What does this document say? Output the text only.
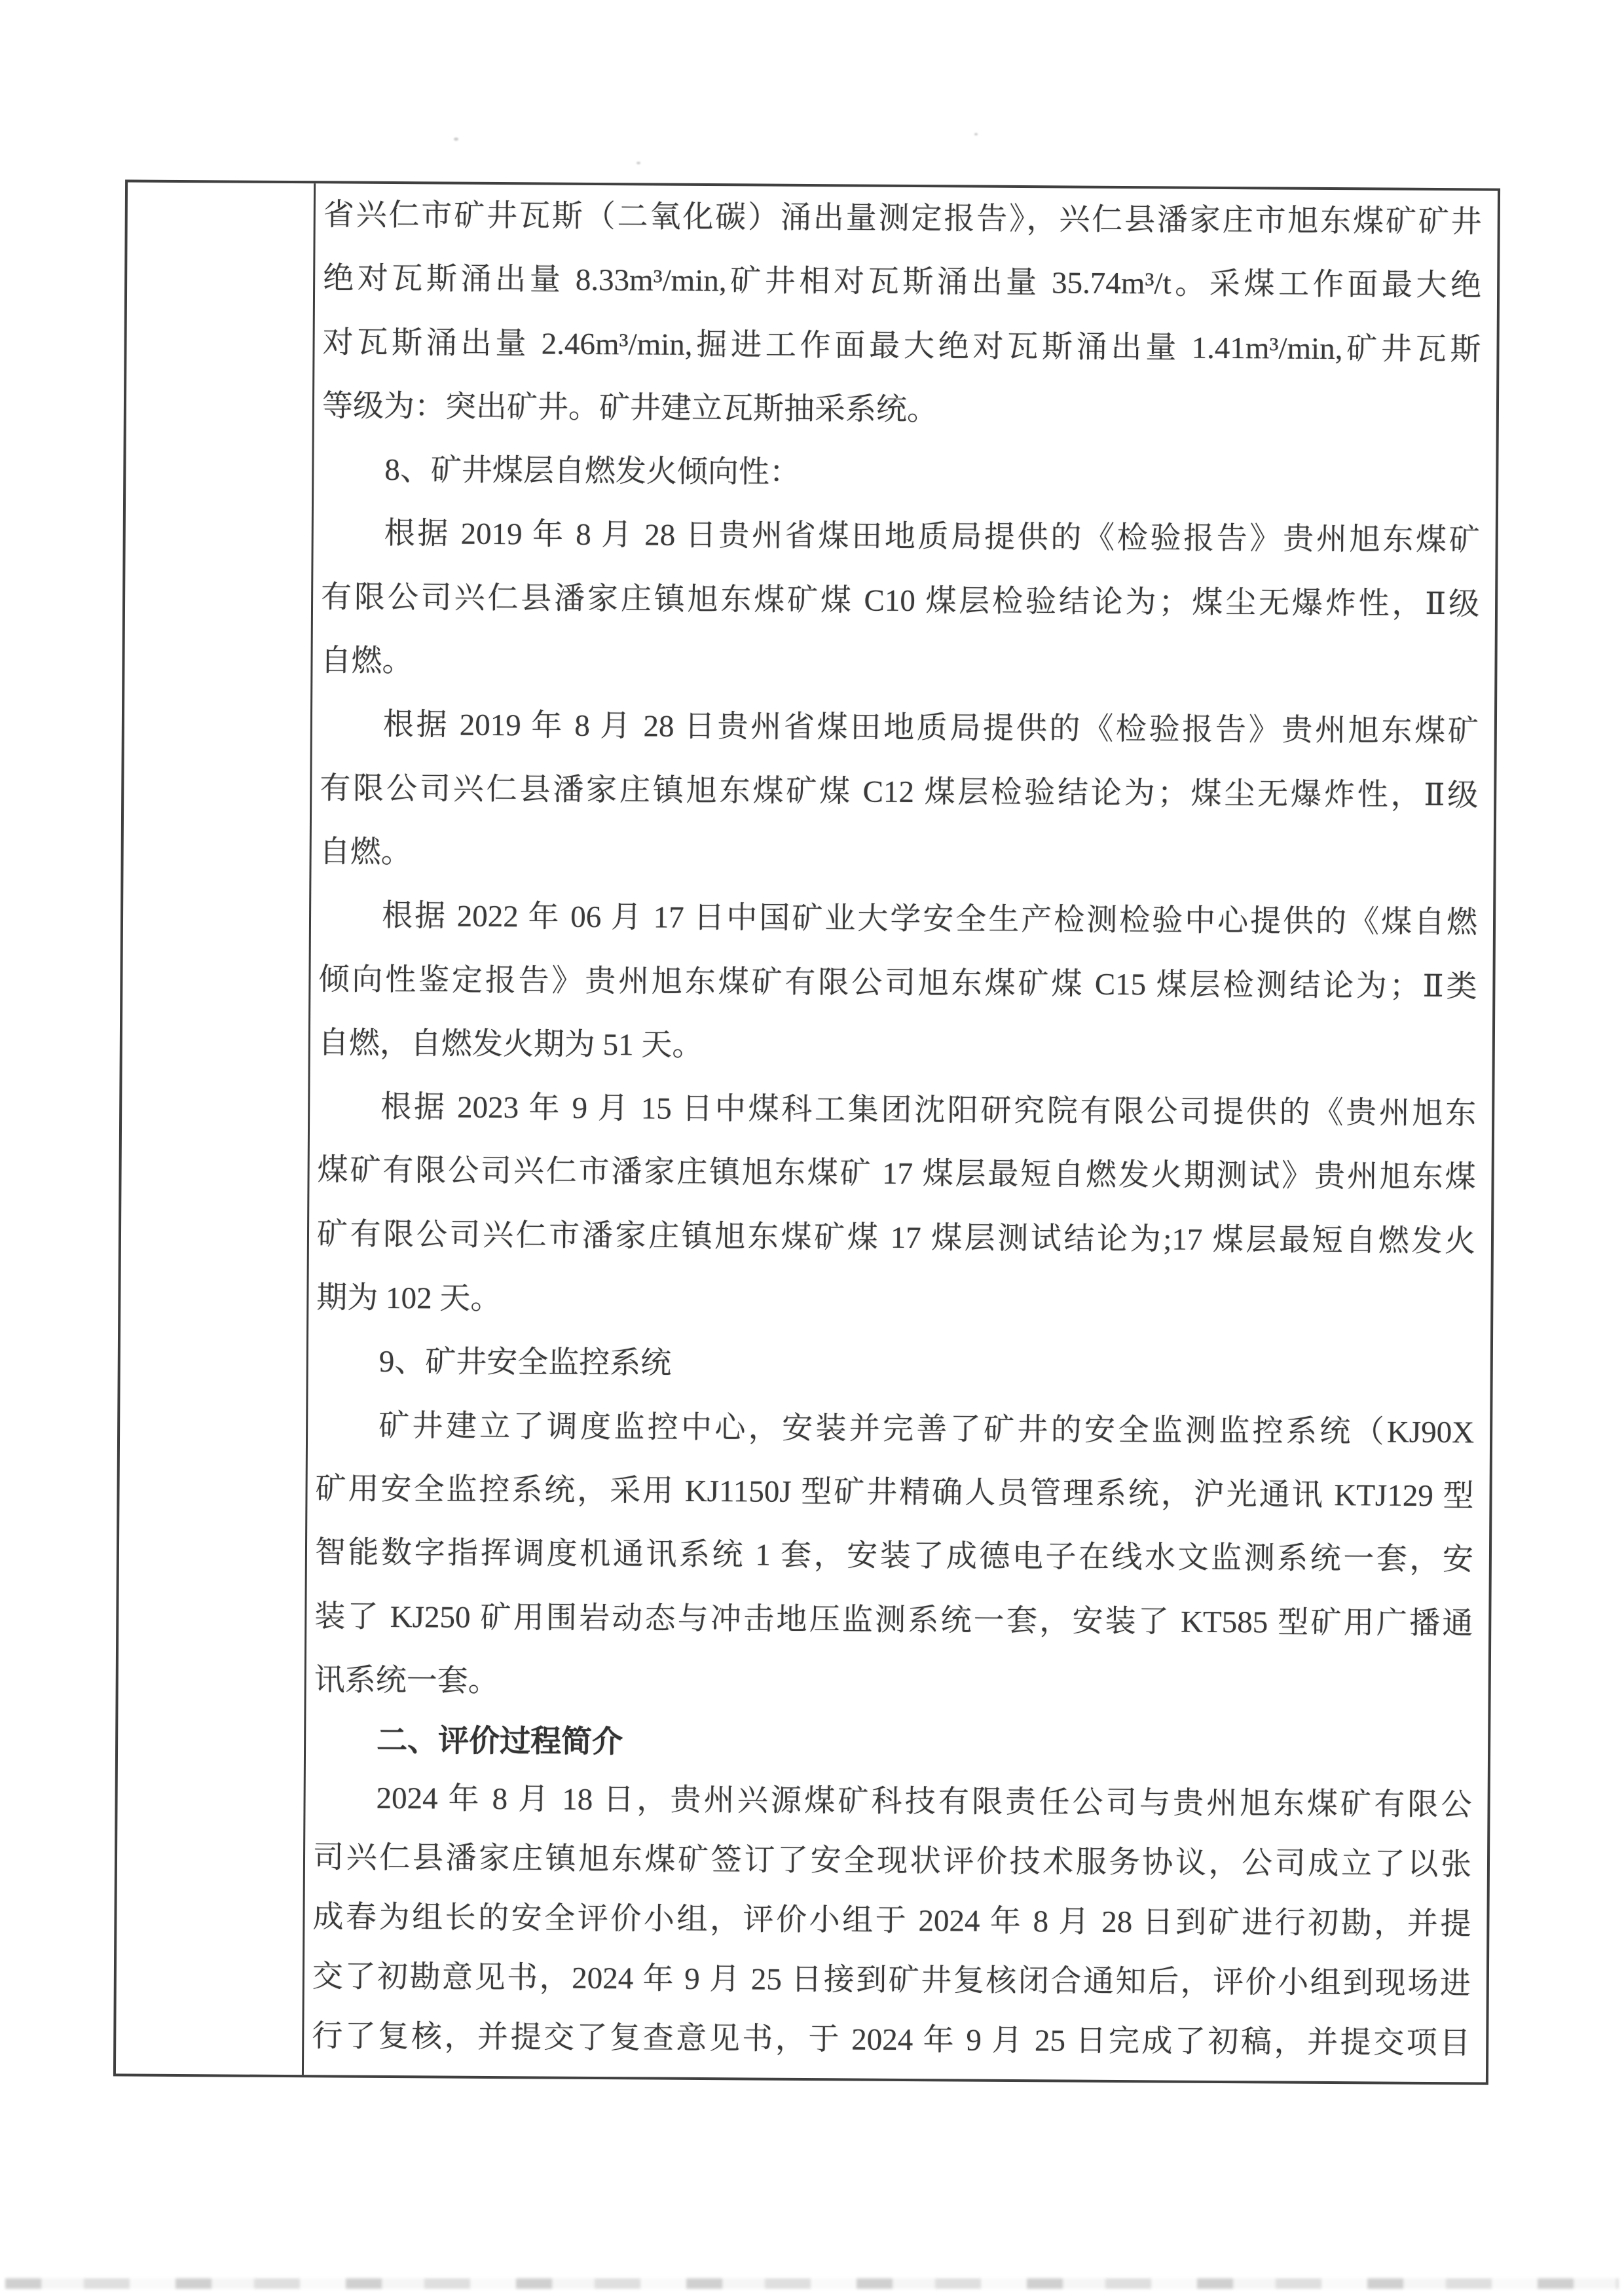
省兴仁市矿井瓦斯（二氧化碳）涌出量测定报告》，兴仁县潘家庄市旭东煤矿矿井
绝对瓦斯涌出量 8.33m³/min,矿井相对瓦斯涌出量 35.74m³/t。采煤工作面最大绝
对瓦斯涌出量 2.46m³/min,掘进工作面最大绝对瓦斯涌出量 1.41m³/min,矿井瓦斯
等级为：突出矿井。矿井建立瓦斯抽采系统。
8、矿井煤层自燃发火倾向性：
根据 2019 年 8 月 28 日贵州省煤田地质局提供的《检验报告》贵州旭东煤矿
有限公司兴仁县潘家庄镇旭东煤矿煤 C10 煤层检验结论为；煤尘无爆炸性，Ⅱ级
自燃。
根据 2019 年 8 月 28 日贵州省煤田地质局提供的《检验报告》贵州旭东煤矿
有限公司兴仁县潘家庄镇旭东煤矿煤 C12 煤层检验结论为；煤尘无爆炸性，Ⅱ级
自燃。
根据 2022 年 06 月 17 日中国矿业大学安全生产检测检验中心提供的《煤自燃
倾向性鉴定报告》贵州旭东煤矿有限公司旭东煤矿煤 C15 煤层检测结论为；Ⅱ类
自燃，自燃发火期为 51 天。
根据 2023 年 9 月 15 日中煤科工集团沈阳研究院有限公司提供的《贵州旭东
煤矿有限公司兴仁市潘家庄镇旭东煤矿 17 煤层最短自燃发火期测试》贵州旭东煤
矿有限公司兴仁市潘家庄镇旭东煤矿煤 17 煤层测试结论为;17 煤层最短自燃发火
期为 102 天。
9、矿井安全监控系统
矿井建立了调度监控中心，安装并完善了矿井的安全监测监控系统（KJ90X
矿用安全监控系统，采用 KJ1150J 型矿井精确人员管理系统，沪光通讯 KTJ129 型
智能数字指挥调度机通讯系统 1 套，安装了成德电子在线水文监测系统一套，安
装了 KJ250 矿用围岩动态与冲击地压监测系统一套，安装了 KT585 型矿用广播通
讯系统一套。
二、评价过程简介
2024 年 8 月 18 日，贵州兴源煤矿科技有限责任公司与贵州旭东煤矿有限公
司兴仁县潘家庄镇旭东煤矿签订了安全现状评价技术服务协议，公司成立了以张
成春为组长的安全评价小组，评价小组于 2024 年 8 月 28 日到矿进行初勘，并提
交了初勘意见书，2024 年 9 月 25 日接到矿井复核闭合通知后，评价小组到现场进
行了复核，并提交了复查意见书，于 2024 年 9 月 25 日完成了初稿，并提交项目
